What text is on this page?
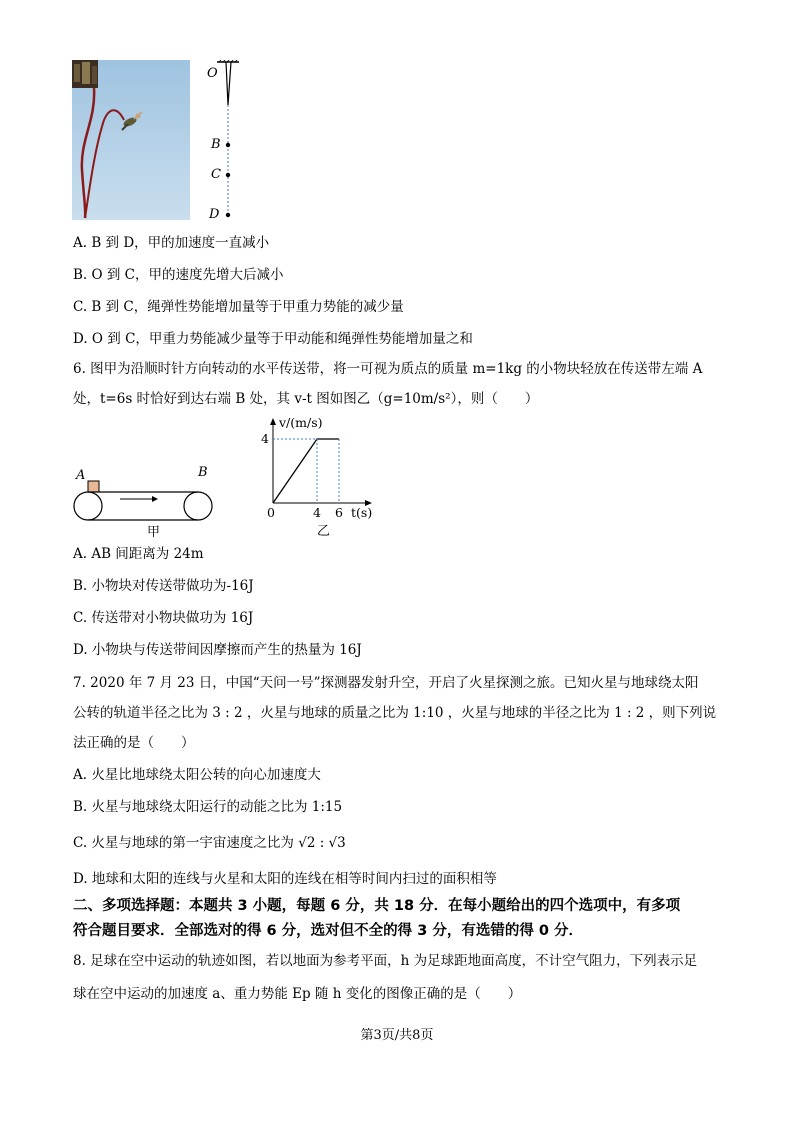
O
B
C
D
A. B 到 D，甲的加速度一直减小
B. O 到 C，甲的速度先增大后减小
C. B 到 C，绳弹性势能增加量等于甲重力势能的减少量
D. O 到 C，甲重力势能减少量等于甲动能和绳弹性势能增加量之和
6. 图甲为沿顺时针方向转动的水平传送带，将一可视为质点的质量 m=1kg 的小物块轻放在传送带左端 A
处，t=6s 时恰好到达右端 B 处，其 v-t 图如图乙（g=10m/s²），则（　　）
A	B
甲
0	4 6
4
v/(m/s)
t(s)
乙
A. AB 间距离为 24m
B. 小物块对传送带做功为-16J
C. 传送带对小物块做功为 16J
D. 小物块与传送带间因摩擦而产生的热量为 16J
7. 2020 年 7 月 23 日，中国“天问一号”探测器发射升空，开启了火星探测之旅。已知火星与地球绕太阳
公转的轨道半径之比为 3 : 2 ，火星与地球的质量之比为 1:10 ，火星与地球的半径之比为 1 : 2 ，则下列说
法正确的是（　　）
A. 火星比地球绕太阳公转的向心加速度大
B. 火星与地球绕太阳运行的动能之比为 1:15
C. 火星与地球的第一宇宙速度之比为 √2 : √3
D. 地球和太阳的连线与火星和太阳的连线在相等时间内扫过的面积相等
二、多项选择题：本题共 3 小题，每题 6 分，共 18 分．在每小题给出的四个选项中，有多项
符合题目要求．全部选对的得 6 分，选对但不全的得 3 分，有选错的得 0 分．
8. 足球在空中运动的轨迹如图，若以地面为参考平面，h 为足球距地面高度，不计空气阻力，下列表示足
球在空中运动的加速度 a、重力势能 Ep 随 h 变化的图像正确的是（　　）
第3页/共8页
